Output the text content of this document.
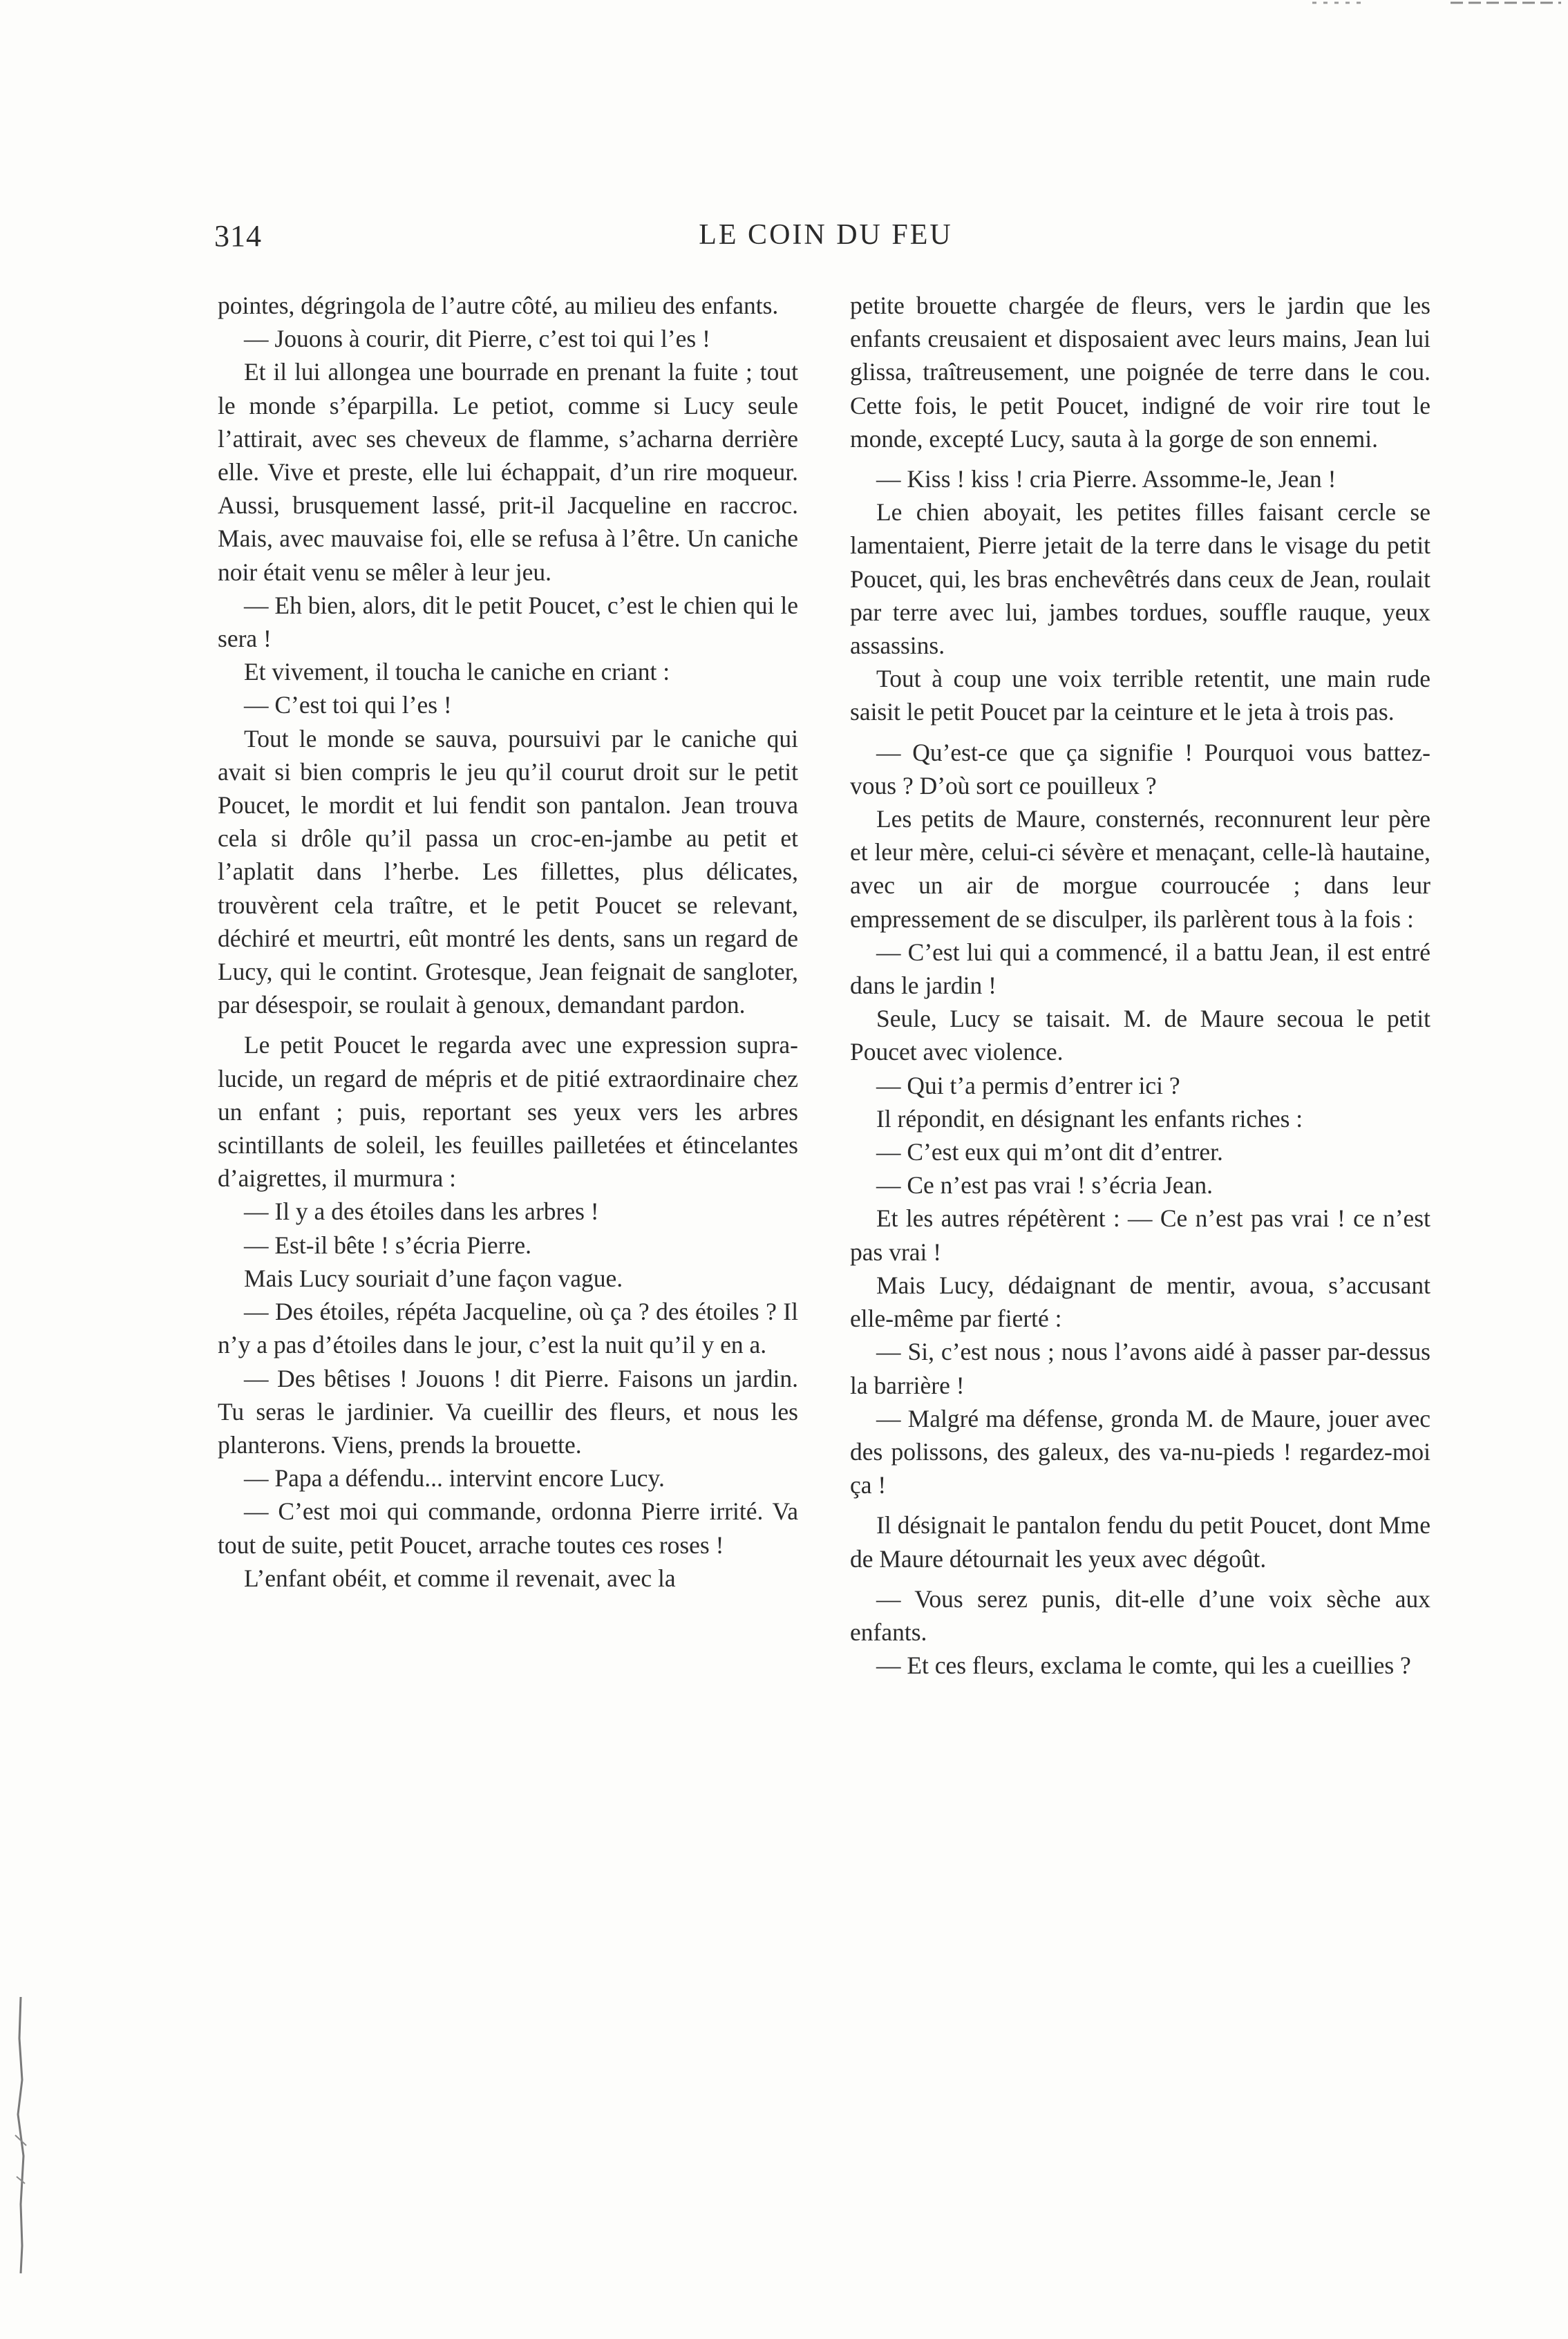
314	LE COIN DU FEU

pointes, dégringola de l’autre côté, au milieu des enfants.

— Jouons à courir, dit Pierre, c’est toi qui l’es !

Et il lui allongea une bourrade en prenant la fuite ; tout le monde s’éparpilla. Le petiot, comme si Lucy seule l’attirait, avec ses cheveux de flamme, s’acharna derrière elle. Vive et preste, elle lui échappait, d’un rire moqueur. Aussi, brusquement lassé, prit-il Jacqueline en raccroc. Mais, avec mauvaise foi, elle se refusa à l’être. Un caniche noir était venu se mêler à leur jeu.

— Eh bien, alors, dit le petit Poucet, c’est le chien qui le sera !

Et vivement, il toucha le caniche en criant :

— C’est toi qui l’es !

Tout le monde se sauva, poursuivi par le caniche qui avait si bien compris le jeu qu’il courut droit sur le petit Poucet, le mordit et lui fendit son pantalon. Jean trouva cela si drôle qu’il passa un croc-en-jambe au petit et l’aplatit dans l’herbe. Les fillettes, plus délicates, trouvèrent cela traître, et le petit Poucet se relevant, déchiré et meurtri, eût montré les dents, sans un regard de Lucy, qui le contint. Grotesque, Jean feignait de sangloter, par désespoir, se roulait à genoux, demandant pardon.

Le petit Poucet le regarda avec une expression supra-lucide, un regard de mépris et de pitié extraordinaire chez un enfant ; puis, reportant ses yeux vers les arbres scintillants de soleil, les feuilles pailletées et étincelantes d’aigrettes, il murmura :

— Il y a des étoiles dans les arbres !

— Est-il bête ! s’écria Pierre.

Mais Lucy souriait d’une façon vague.

— Des étoiles, répéta Jacqueline, où ça ? des étoiles ? Il n’y a pas d’étoiles dans le jour, c’est la nuit qu’il y en a.

— Des bêtises ! Jouons ! dit Pierre. Faisons un jardin. Tu seras le jardinier. Va cueillir des fleurs, et nous les planterons. Viens, prends la brouette.

— Papa a défendu... intervint encore Lucy.

— C’est moi qui commande, ordonna Pierre irrité. Va tout de suite, petit Poucet, arrache toutes ces roses !

L’enfant obéit, et comme il revenait, avec la

petite brouette chargée de fleurs, vers le jardin que les enfants creusaient et disposaient avec leurs mains, Jean lui glissa, traîtreusement, une poignée de terre dans le cou. Cette fois, le petit Poucet, indigné de voir rire tout le monde, excepté Lucy, sauta à la gorge de son ennemi.

— Kiss ! kiss ! cria Pierre. Assomme-le, Jean !

Le chien aboyait, les petites filles faisant cercle se lamentaient, Pierre jetait de la terre dans le visage du petit Poucet, qui, les bras enchevêtrés dans ceux de Jean, roulait par terre avec lui, jambes tordues, souffle rauque, yeux assassins.

Tout à coup une voix terrible retentit, une main rude saisit le petit Poucet par la ceinture et le jeta à trois pas.

— Qu’est-ce que ça signifie ! Pourquoi vous battez-vous ? D’où sort ce pouilleux ?

Les petits de Maure, consternés, reconnurent leur père et leur mère, celui-ci sévère et menaçant, celle-là hautaine, avec un air de morgue courroucée ; dans leur empressement de se disculper, ils parlèrent tous à la fois :

— C’est lui qui a commencé, il a battu Jean, il est entré dans le jardin !

Seule, Lucy se taisait. M. de Maure secoua le petit Poucet avec violence.

— Qui t’a permis d’entrer ici ?

Il répondit, en désignant les enfants riches :

— C’est eux qui m’ont dit d’entrer.

— Ce n’est pas vrai ! s’écria Jean.

Et les autres répétèrent : — Ce n’est pas vrai ! ce n’est pas vrai !

Mais Lucy, dédaignant de mentir, avoua, s’accusant elle-même par fierté :

— Si, c’est nous ; nous l’avons aidé à passer par-dessus la barrière !

— Malgré ma défense, gronda M. de Maure, jouer avec des polissons, des galeux, des va-nu-pieds ! regardez-moi ça !

Il désignait le pantalon fendu du petit Poucet, dont Mme de Maure détournait les yeux avec dégoût.

— Vous serez punis, dit-elle d’une voix sèche aux enfants.

— Et ces fleurs, exclama le comte, qui les a cueillies ?
